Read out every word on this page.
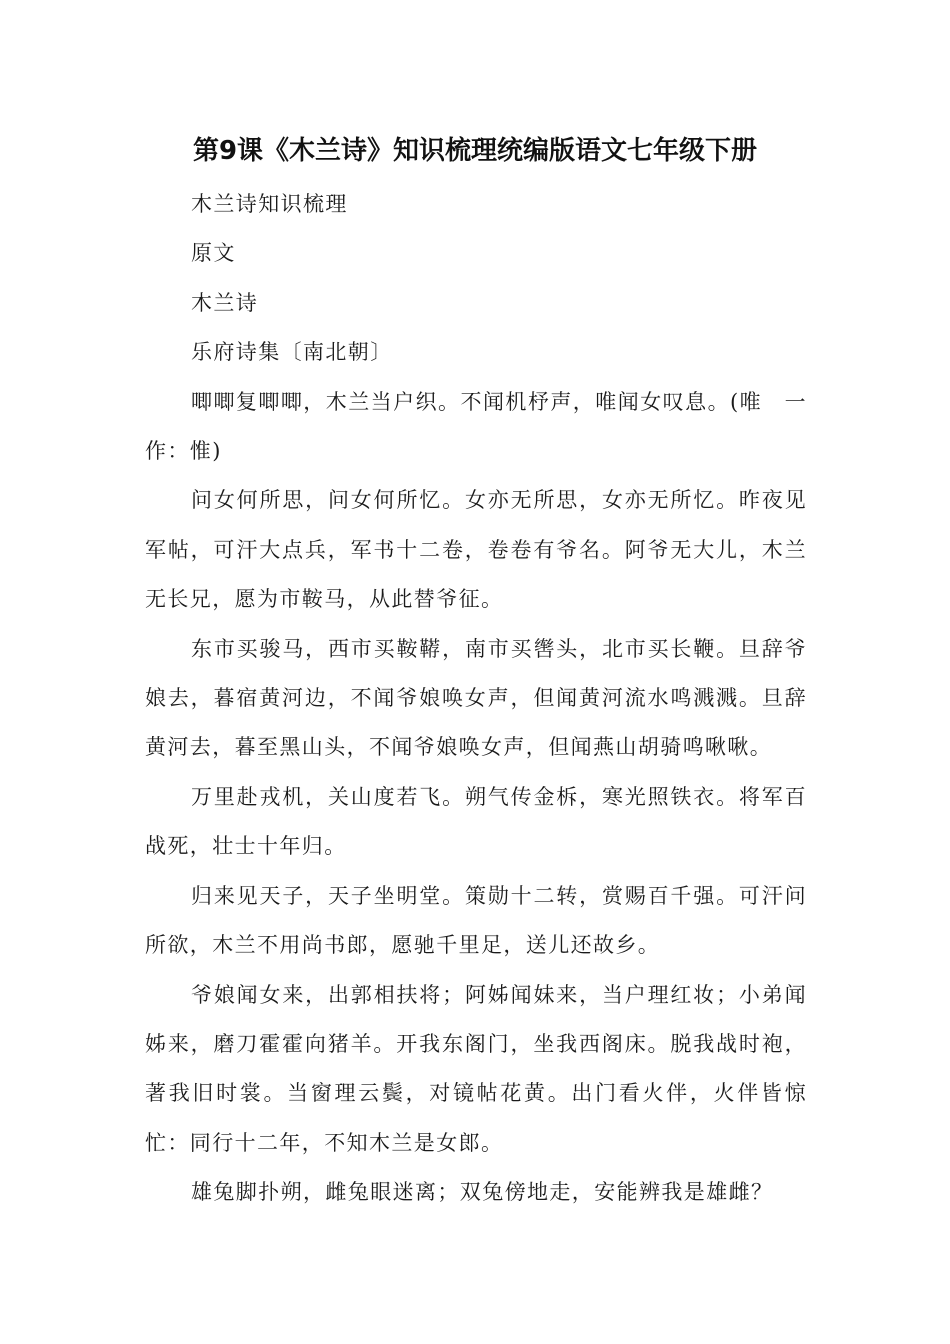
第9课《木兰诗》知识梳理统编版语文七年级下册

木兰诗知识梳理

原文

木兰诗

乐府诗集〔南北朝〕

唧唧复唧唧，木兰当户织。不闻机杼声，唯闻女叹息。(唯　一作：惟)

问女何所思，问女何所忆。女亦无所思，女亦无所忆。昨夜见军帖，可汗大点兵，军书十二卷，卷卷有爷名。阿爷无大儿，木兰无长兄，愿为市鞍马，从此替爷征。

东市买骏马，西市买鞍鞯，南市买辔头，北市买长鞭。旦辞爷娘去，暮宿黄河边，不闻爷娘唤女声，但闻黄河流水鸣溅溅。旦辞黄河去，暮至黑山头，不闻爷娘唤女声，但闻燕山胡骑鸣啾啾。

万里赴戎机，关山度若飞。朔气传金柝，寒光照铁衣。将军百战死，壮士十年归。

归来见天子，天子坐明堂。策勋十二转，赏赐百千强。可汗问所欲，木兰不用尚书郎，愿驰千里足，送儿还故乡。

爷娘闻女来，出郭相扶将；阿姊闻妹来，当户理红妆；小弟闻姊来，磨刀霍霍向猪羊。开我东阁门，坐我西阁床。脱我战时袍，著我旧时裳。当窗理云鬓，对镜帖花黄。出门看火伴，火伴皆惊忙：同行十二年，不知木兰是女郎。

雄兔脚扑朔，雌兔眼迷离；双兔傍地走，安能辨我是雄雌？
